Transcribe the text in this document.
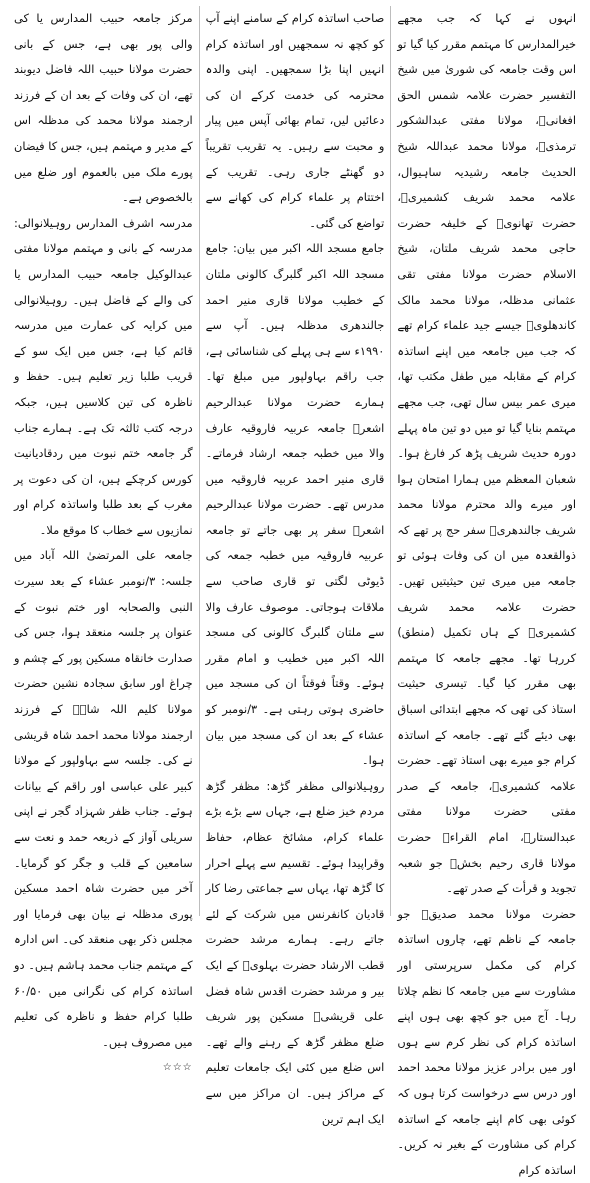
انہوں نے کہا کہ جب مجھے خیرالمدارس کا مہتمم مقرر کیا گیا تو اس وقت جامعہ کی شوریٰ میں شیخ التفسیر حضرت علامہ شمس الحق افغانیؒ، مولانا مفتی عبدالشکور ترمذیؒ، مولانا محمد عبداللہ شیخ الحدیث جامعہ رشیدیہ ساہیوال، علامہ محمد شریف کشمیریؒ، حضرت تھانویؒ کے خلیفہ حضرت حاجی محمد شریف ملتان، شیخ الاسلام حضرت مولانا مفتی تقی عثمانی مدظلہ، مولانا محمد مالک کاندھلویؒ جیسے جید علماء کرام تھے کہ جب میں جامعہ میں اپنے اساتذہ کرام کے مقابلہ میں طفل مکتب تھا، میری عمر بیس سال تھی، جب مجھے مہتمم بنایا گیا تو میں دو تین ماہ پہلے دورہ حدیث شریف پڑھ کر فارغ ہوا۔ شعبان المعظم میں ہمارا امتحان ہوا اور میرے والد محترم مولانا محمد شریف جالندھریؒ سفر حج پر تھے کہ ذوالقعدہ میں ان کی وفات ہوئی تو جامعہ میں میری تین حیثیتیں تھیں۔ حضرت علامہ محمد شریف کشمیریؒ کے ہاں تکمیل (منطق) کررہا تھا۔ مجھے جامعہ کا مہتمم بھی مقرر کیا گیا۔ تیسری حیثیت استاذ کی تھی کہ مجھے ابتدائی اسباق بھی دیئے گئے تھے۔ جامعہ کے اساتذہ کرام جو میرے بھی استاذ تھے۔ حضرت علامہ کشمیریؒ، جامعہ کے صدر مفتی حضرت مولانا مفتی عبدالستارؒ، امام القراءؒ حضرت مولانا قاری رحیم بخشؒ جو شعبہ تجوید و قرأت کے صدر تھے۔

حضرت مولانا محمد صدیقؒ جو جامعہ کے ناظم تھے، چاروں اساتذہ کرام کی مکمل سرپرستی اور مشاورت سے میں جامعہ کا نظم چلاتا رہا۔ آج میں جو کچھ بھی ہوں اپنے اساتذہ کرام کی نظر کرم سے ہوں اور میں برادر عزیز مولانا محمد احمد اور درس سے درخواست کرتا ہوں کہ کوئی بھی کام اپنے جامعہ کے اساتذہ کرام کی مشاورت کے بغیر نہ کریں۔ اساتذہ کرام

صاحب اساتذہ کرام کے سامنے اپنے آپ کو کچھ نہ سمجھیں اور اساتذہ کرام انہیں اپنا بڑا سمجھیں۔ اپنی والدہ محترمہ کی خدمت کرکے ان کی دعائیں لیں، تمام بھائی آپس میں پیار و محبت سے رہیں۔ یہ تقریب تقریباً دو گھنٹے جاری رہی۔ تقریب کے اختتام پر علماء کرام کی کھانے سے تواضع کی گئی۔

جامع مسجد اللہ اکبر میں بیان: جامع مسجد اللہ اکبر گلبرگ کالونی ملتان کے خطیب مولانا قاری منیر احمد جالندھری مدظلہ ہیں۔ آپ سے ۱۹۹۰ء سے ہی پہلے کی شناسائی ہے، جب راقم بہاولپور میں مبلغ تھا۔ ہمارے حضرت مولانا عبدالرحیم اشعرؒ جامعہ عربیہ فاروقیہ عارف والا میں خطبہ جمعہ ارشاد فرماتے۔ قاری منیر احمد عربیہ فاروقیہ میں مدرس تھے۔ حضرت مولانا عبدالرحیم اشعرؒ سفر پر بھی جاتے تو جامعہ عربیہ فاروقیہ میں خطبہ جمعہ کی ڈیوٹی لگتی تو قاری صاحب سے ملاقات ہوجاتی۔ موصوف عارف والا سے ملتان گلبرگ کالونی کی مسجد اللہ اکبر میں خطیب و امام مقرر ہوئے۔ وقتاً فوقتاً ان کی مسجد میں حاضری ہوتی رہتی ہے۔ ۳/نومبر کو عشاء کے بعد ان کی مسجد میں بیان ہوا۔

روہیلانوالی مظفر گڑھ: مظفر گڑھ مردم خیز ضلع ہے، جہاں سے بڑے بڑے علماء کرام، مشائخ عظام، حفاظ وقراپیدا ہوئے۔ تقسیم سے پہلے احرار کا گڑھ تھا، یہاں سے جماعتی رضا کار قادیان کانفرنس میں شرکت کے لئے جاتے رہے۔ ہمارے مرشد حضرت قطب الارشاد حضرت بہلویؒ کے ایک بیر و مرشد حضرت اقدس شاہ فضل علی قریشیؒ مسکین پور شریف ضلع مظفر گڑھ کے رہنے والے تھے۔ اس ضلع میں کئی ایک جامعات تعلیم کے مراکز ہیں۔ ان مراکز میں سے ایک اہم ترین

مرکز جامعہ حبیب المدارس یا کی والی پور بھی ہے، جس کے بانی حضرت مولانا حبیب اللہ فاضل دیوبند تھے، ان کی وفات کے بعد ان کے فرزند ارجمند مولانا محمد کی مدظلہ اس کے مدیر و مہتمم ہیں، جس کا فیضان پورے ملک میں بالعموم اور ضلع میں بالخصوص ہے۔

مدرسہ اشرف المدارس روہیلانوالی: مدرسہ کے بانی و مہتمم مولانا مفتی عبدالوکیل جامعہ حبیب المدارس یا کی والے کے فاضل ہیں۔ روہیلانوالی میں کرایہ کی عمارت میں مدرسہ قائم کیا ہے، جس میں ایک سو کے قریب طلبا زیر تعلیم ہیں۔ حفظ و ناظرہ کی تین کلاسیں ہیں، جبکہ درجہ کتب ثالثہ تک ہے۔ ہمارے جناب گر جامعہ ختم نبوت میں ردقادیانیت کورس کرچکے ہیں، ان کی دعوت پر مغرب کے بعد طلبا واساتذہ کرام اور نمازیوں سے خطاب کا موقع ملا۔

جامعہ علی المرتضیٰ اللہ آباد میں جلسہ: ۳/نومبر عشاء کے بعد سیرت النبی والصحابہ اور ختم نبوت کے عنوان پر جلسہ منعقد ہوا، جس کی صدارت خانقاہ مسکین پور کے چشم و چراغ اور سابق سجادہ نشین حضرت مولانا کلیم اللہ شاہؒ کے فرزند ارجمند مولانا محمد احمد شاہ قریشی نے کی۔ جلسہ سے بہاولپور کے مولانا کبیر علی عباسی اور راقم کے بیانات ہوئے۔ جناب ظفر شہزاد گجر نے اپنی سریلی آواز کے ذریعہ حمد و نعت سے سامعین کے قلب و جگر کو گرمایا۔ آخر میں حضرت شاہ احمد مسکین پوری مدظلہ نے بیان بھی فرمایا اور مجلس ذکر بھی منعقد کی۔ اس ادارہ کے مہتمم جناب محمد ہاشم ہیں۔ دو اساتذہ کرام کی نگرانی میں ۶۰/۵۰ طلبا کرام حفظ و ناظرہ کی تعلیم میں مصروف ہیں۔

☆☆☆
